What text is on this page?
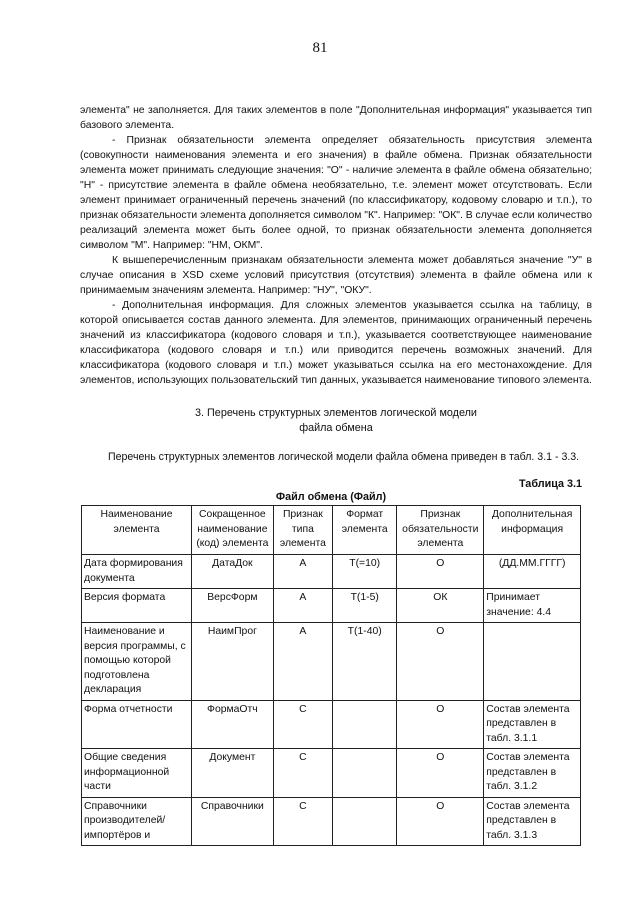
81

элемента" не заполняется. Для таких элементов в поле "Дополнительная информация" указывается тип базового элемента.

- Признак обязательности элемента определяет обязательность присутствия элемента (совокупности наименования элемента и его значения) в файле обмена. Признак обязательности элемента может принимать следующие значения: "О" - наличие элемента в файле обмена обязательно; "Н" - присутствие элемента в файле обмена необязательно, т.е. элемент может отсутствовать. Если элемент принимает ограниченный перечень значений (по классификатору, кодовому словарю и т.п.), то признак обязательности элемента дополняется символом "К". Например: "ОК". В случае если количество реализаций элемента может быть более одной, то признак обязательности элемента дополняется символом "М". Например: "НМ, ОКМ".

К вышеперечисленным признакам обязательности элемента может добавляться значение "У" в случае описания в XSD схеме условий присутствия (отсутствия) элемента в файле обмена или к принимаемым значениям элемента. Например: "НУ", "ОКУ".

- Дополнительная информация. Для сложных элементов указывается ссылка на таблицу, в которой описывается состав данного элемента. Для элементов, принимающих ограниченный перечень значений из классификатора (кодового словаря и т.п.), указывается соответствующее наименование классификатора (кодового словаря и т.п.) или приводится перечень возможных значений. Для классификатора (кодового словаря и т.п.) может указываться ссылка на его местонахождение. Для элементов, использующих пользовательский тип данных, указывается наименование типового элемента.

3. Перечень структурных элементов логической модели
файла обмена
Перечень структурных элементов логической модели файла обмена приведен в табл. 3.1 - 3.3.
Таблица 3.1
Файл обмена (Файл)
Наименование элемента	Сокращенное наименование (код) элемента	Признак типа элемента	Формат элемента	Признак обязательности элемента	Дополнительная информация
Дата формирования документа	ДатаДок	А	Т(=10)	О	(ДД.ММ.ГГГГ)
Версия формата	ВерсФорм	А	Т(1-5)	ОК	Принимает значение: 4.4
Наименование и версия программы, с помощью которой подготовлена декларация	НаимПрог	А	Т(1-40)	О	
Форма отчетности	ФормаОтч	С		О	Состав элемента представлен в табл. 3.1.1
Общие сведения информационной части	Документ	С		О	Состав элемента представлен в табл. 3.1.2
Справочники производителей/ импортёров и	Справочники	С		О	Состав элемента представлен в табл. 3.1.3
